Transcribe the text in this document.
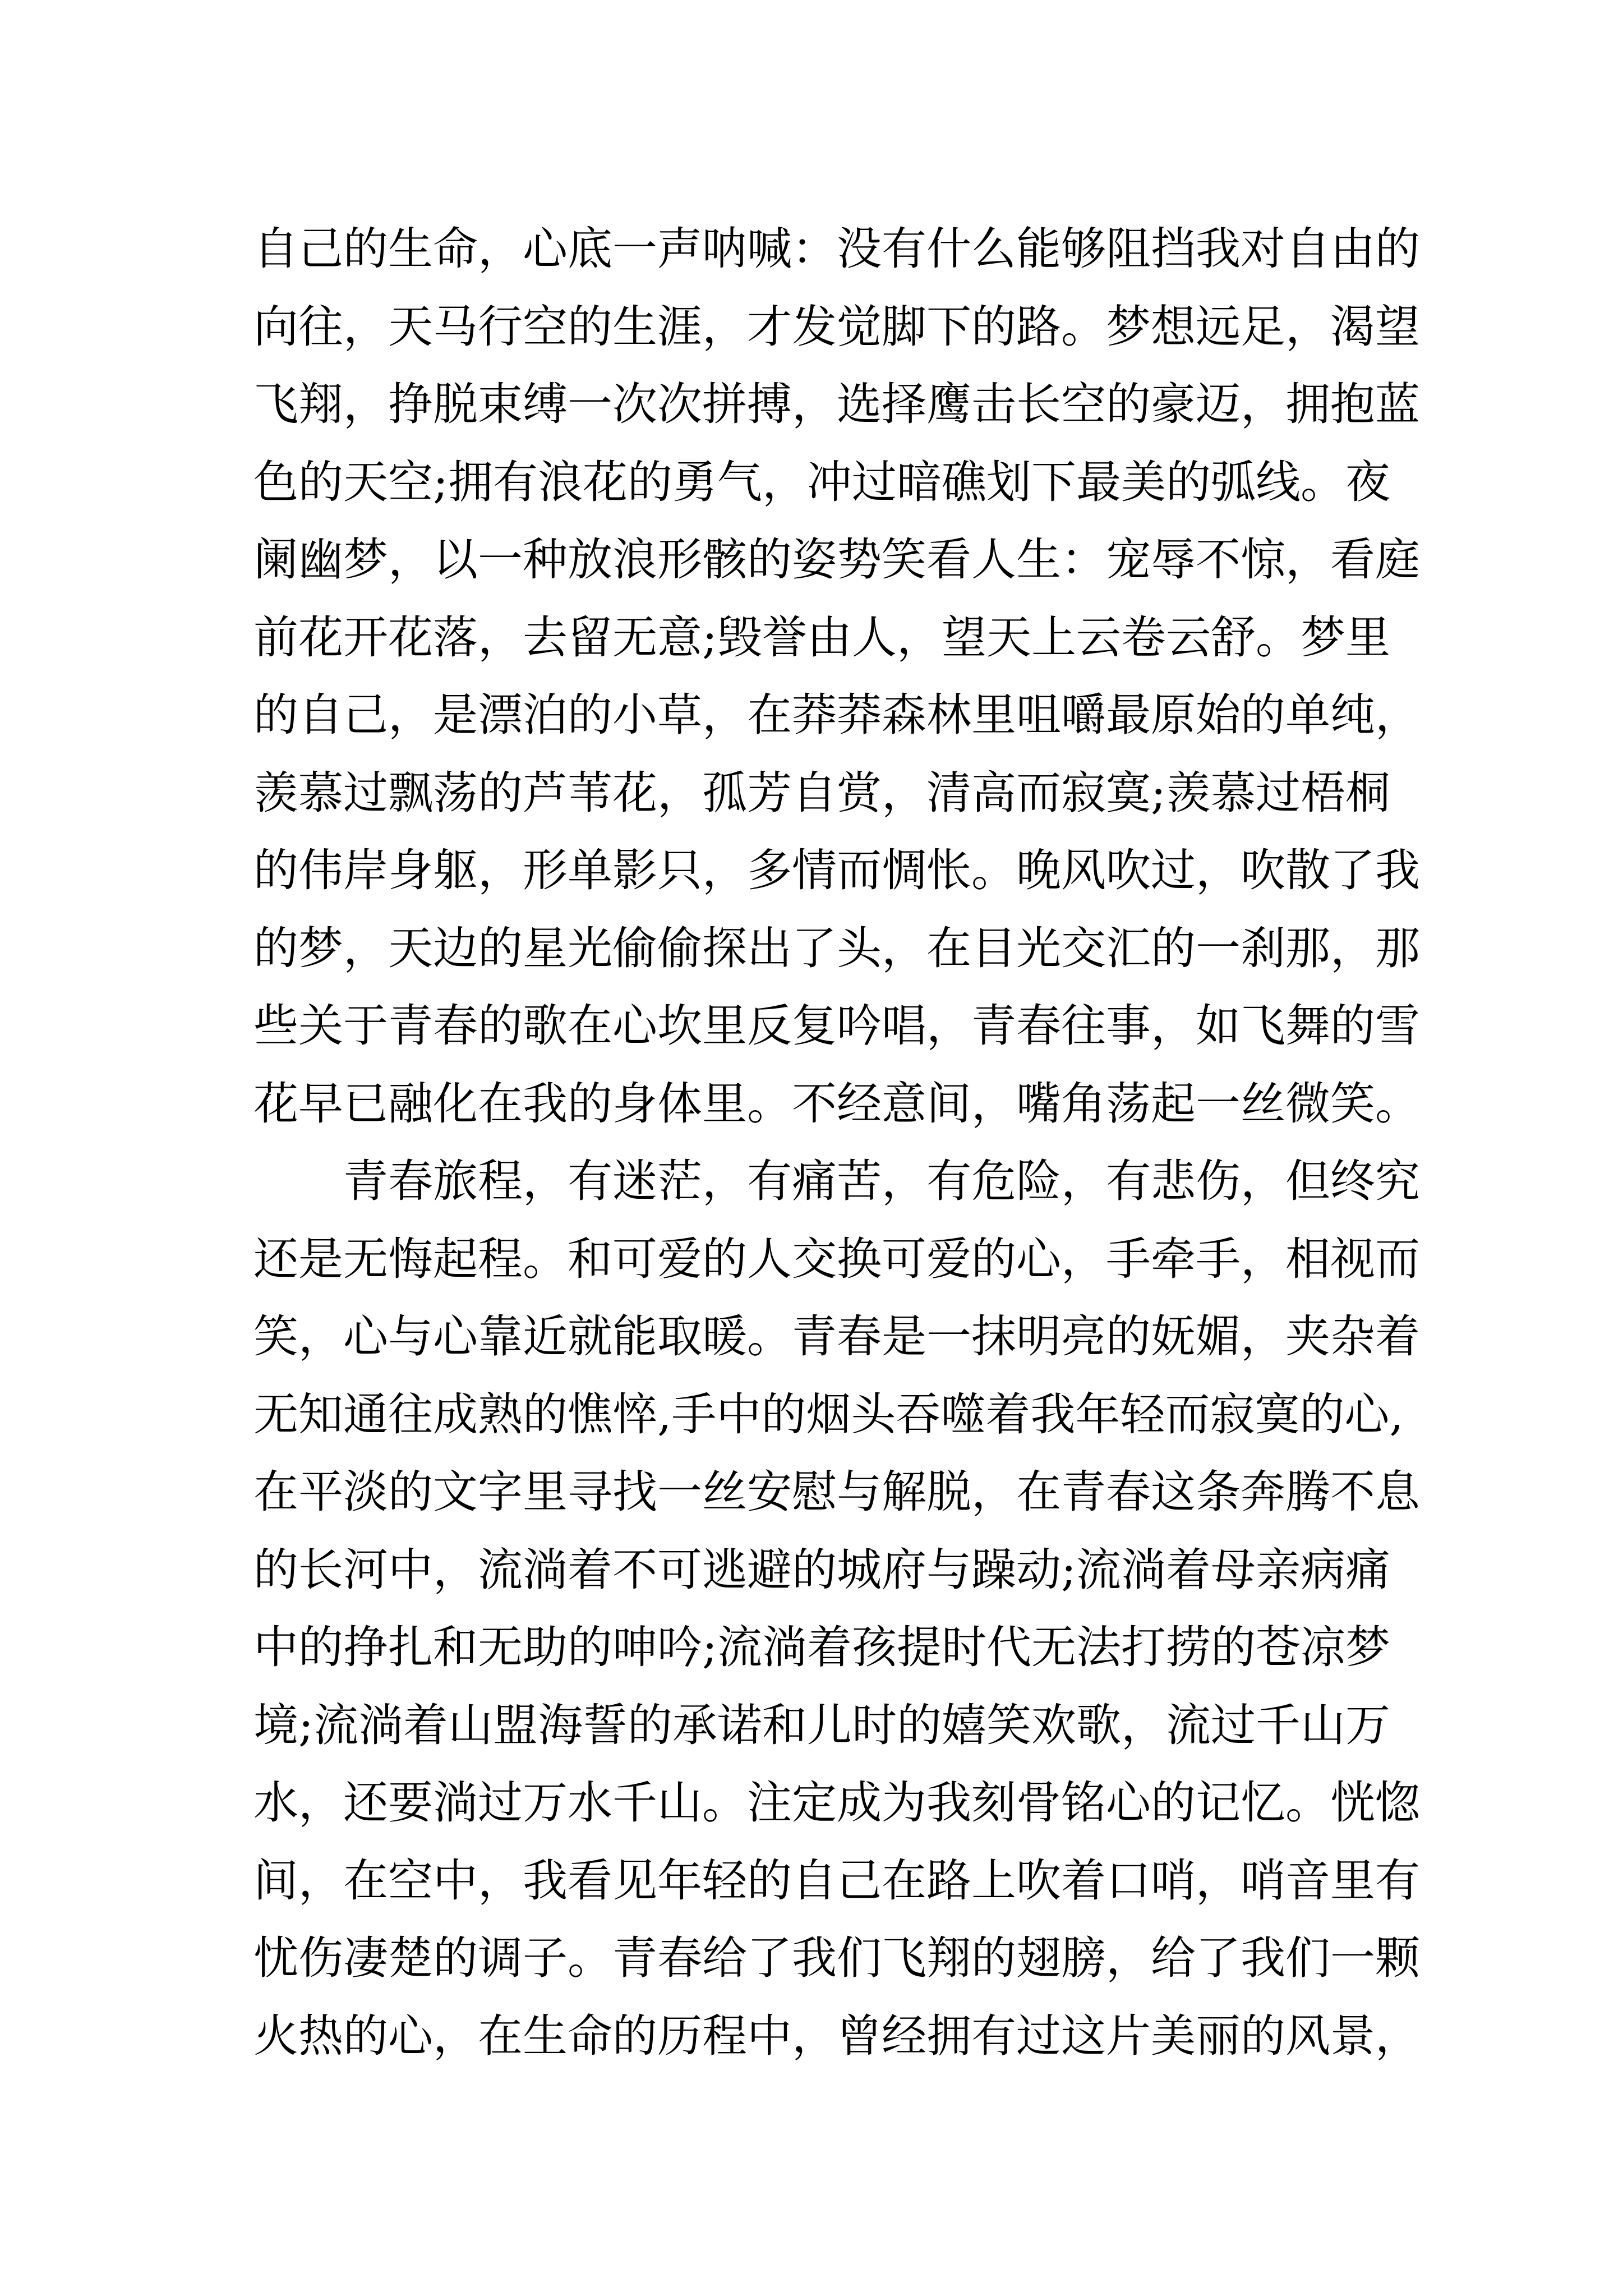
自己的生命，心底一声呐喊：没有什么能够阻挡我对自由的
向往，天马行空的生涯，才发觉脚下的路。梦想远足，渴望
飞翔，挣脱束缚一次次拼搏，选择鹰击长空的豪迈，拥抱蓝
色的天空;拥有浪花的勇气，冲过暗礁划下最美的弧线。夜
阑幽梦，以一种放浪形骸的姿势笑看人生：宠辱不惊，看庭
前花开花落，去留无意;毁誉由人，望天上云卷云舒。梦里
的自己，是漂泊的小草，在莽莽森林里咀嚼最原始的单纯，
羡慕过飘荡的芦苇花，孤芳自赏，清高而寂寞;羡慕过梧桐
的伟岸身躯，形单影只，多情而惆怅。晚风吹过，吹散了我
的梦，天边的星光偷偷探出了头，在目光交汇的一刹那，那
些关于青春的歌在心坎里反复吟唱，青春往事，如飞舞的雪
花早已融化在我的身体里。不经意间，嘴角荡起一丝微笑。
青春旅程，有迷茫，有痛苦，有危险，有悲伤，但终究
还是无悔起程。和可爱的人交换可爱的心，手牵手，相视而
笑，心与心靠近就能取暖。青春是一抹明亮的妩媚，夹杂着
无知通往成熟的憔悴,手中的烟头吞噬着我年轻而寂寞的心,
在平淡的文字里寻找一丝安慰与解脱，在青春这条奔腾不息
的长河中，流淌着不可逃避的城府与躁动;流淌着母亲病痛
中的挣扎和无助的呻吟;流淌着孩提时代无法打捞的苍凉梦
境;流淌着山盟海誓的承诺和儿时的嬉笑欢歌，流过千山万
水，还要淌过万水千山。注定成为我刻骨铭心的记忆。恍惚
间，在空中，我看见年轻的自己在路上吹着口哨，哨音里有
忧伤凄楚的调子。青春给了我们飞翔的翅膀，给了我们一颗
火热的心，在生命的历程中，曾经拥有过这片美丽的风景，
